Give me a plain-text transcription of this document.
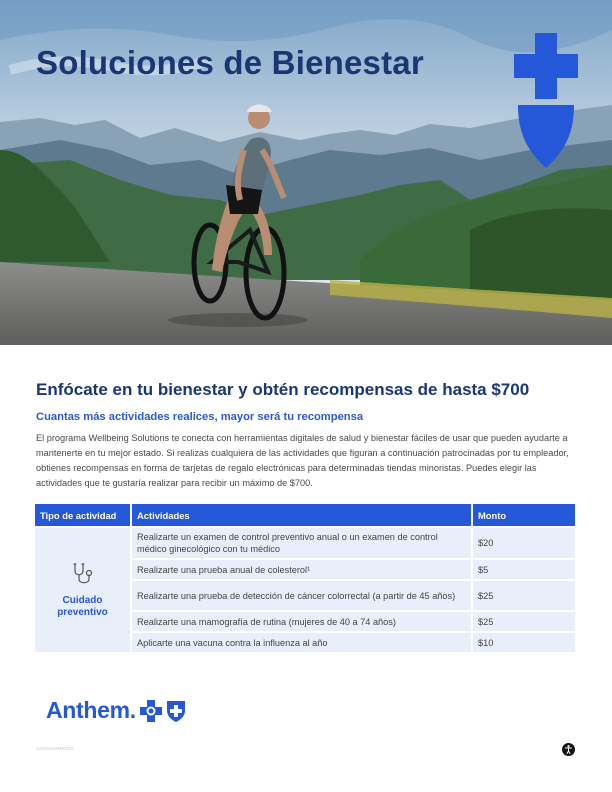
Soluciones de Bienestar
Enfócate en tu bienestar y obtén recompensas de hasta $700
Cuantas más actividades realices, mayor será tu recompensa

El programa Wellbeing Solutions te conecta con herramientas digitales de salud y bienestar fáciles de usar que pueden ayudarte a mantenerte en tu mejor estado. Si realizas cualquiera de las actividades que figuran a continuación patrocinadas por tu empleador, obtienes recompensas en forma de tarjetas de regalo electrónicas para determinadas tiendas minoristas. Puedes elegir las actividades que te gustaría realizar para recibir un máximo de $700.

Tipo de actividad	Actividades	Monto

Cuidado
preventivo	Realizarte un examen de control preventivo anual o un examen de control médico ginecológico con tu médico	$20
	Realizarte una prueba anual de colesterol¹	$5
	Realizarte una prueba de detección de cáncer colorrectal (a partir de 45 años)	$25
	Realizarte una mamografía de rutina (mujeres de 40 a 74 años)	$25
	Aplicarte una vacuna contra la influenza al año	$10
Anthem.
XXXXXMSMENXX
